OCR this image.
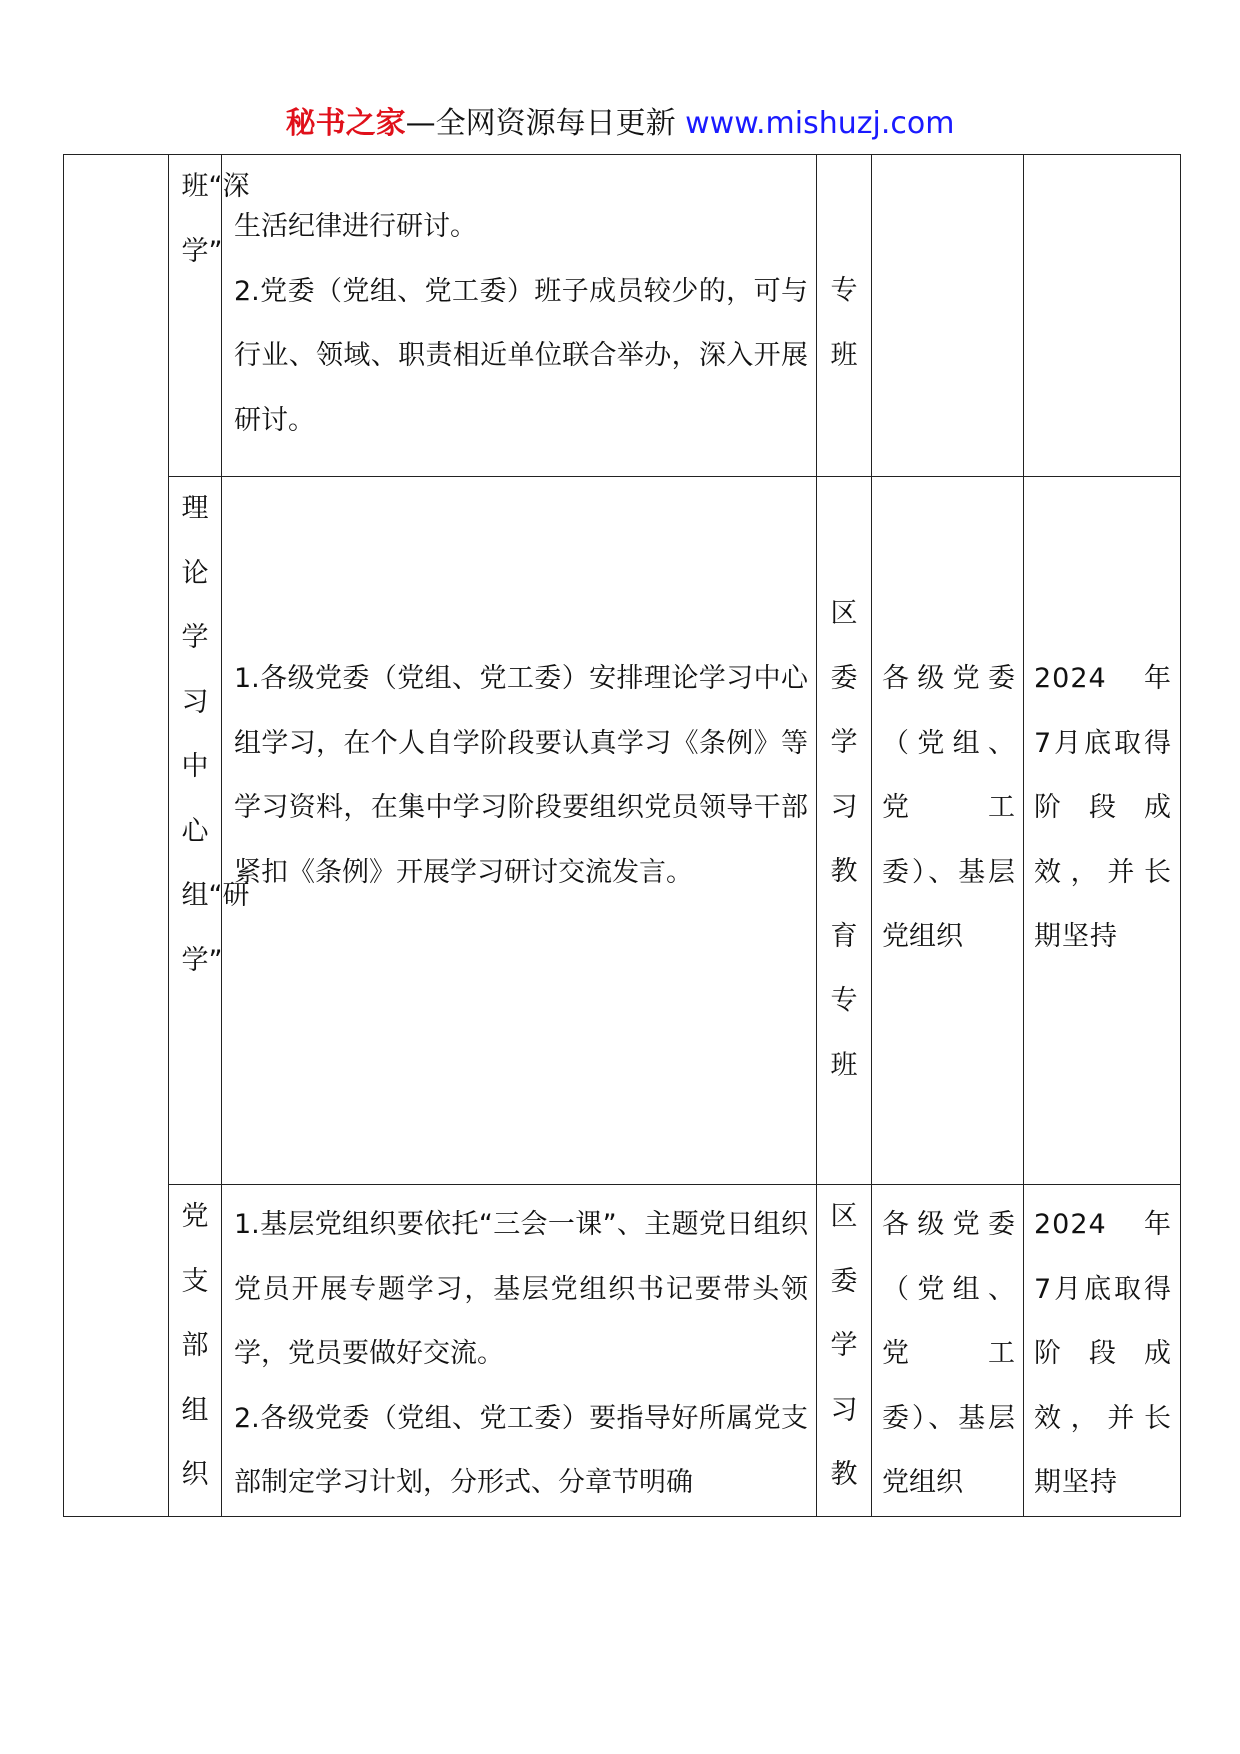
秘书之家—全网资源每日更新 www.mishuzj.com

	班“深学”	生活纪律进行研讨。

2.党委（党组、党工委）班子成员较少的，可与行业、领域、职责相近单位联合举办，深入开展研讨。	专班		

	理论学习中心组“研学”	1.各级党委（党组、党工委）安排理论学习中心组学习，在个人自学阶段要认真学习《条例》等学习资料，在集中学习阶段要组织党员领导干部紧扣《条例》开展学习研讨交流发言。	区委学习教育专班	各级党委（党组、党　　工委）、基层党组织	2024　年7月底取得阶段成效，并长期坚持

	党支部组织	1.基层党组织要依托“三会一课”、主题党日组织党员开展专题学习，基层党组织书记要带头领学，党员要做好交流。

2.各级党委（党组、党工委）要指导好所属党支部制定学习计划，分形式、分章节明确	区委学习教	各级党委（党组、党　　工委）、基层党组织	2024　年7月底取得阶段成效，并长期坚持
